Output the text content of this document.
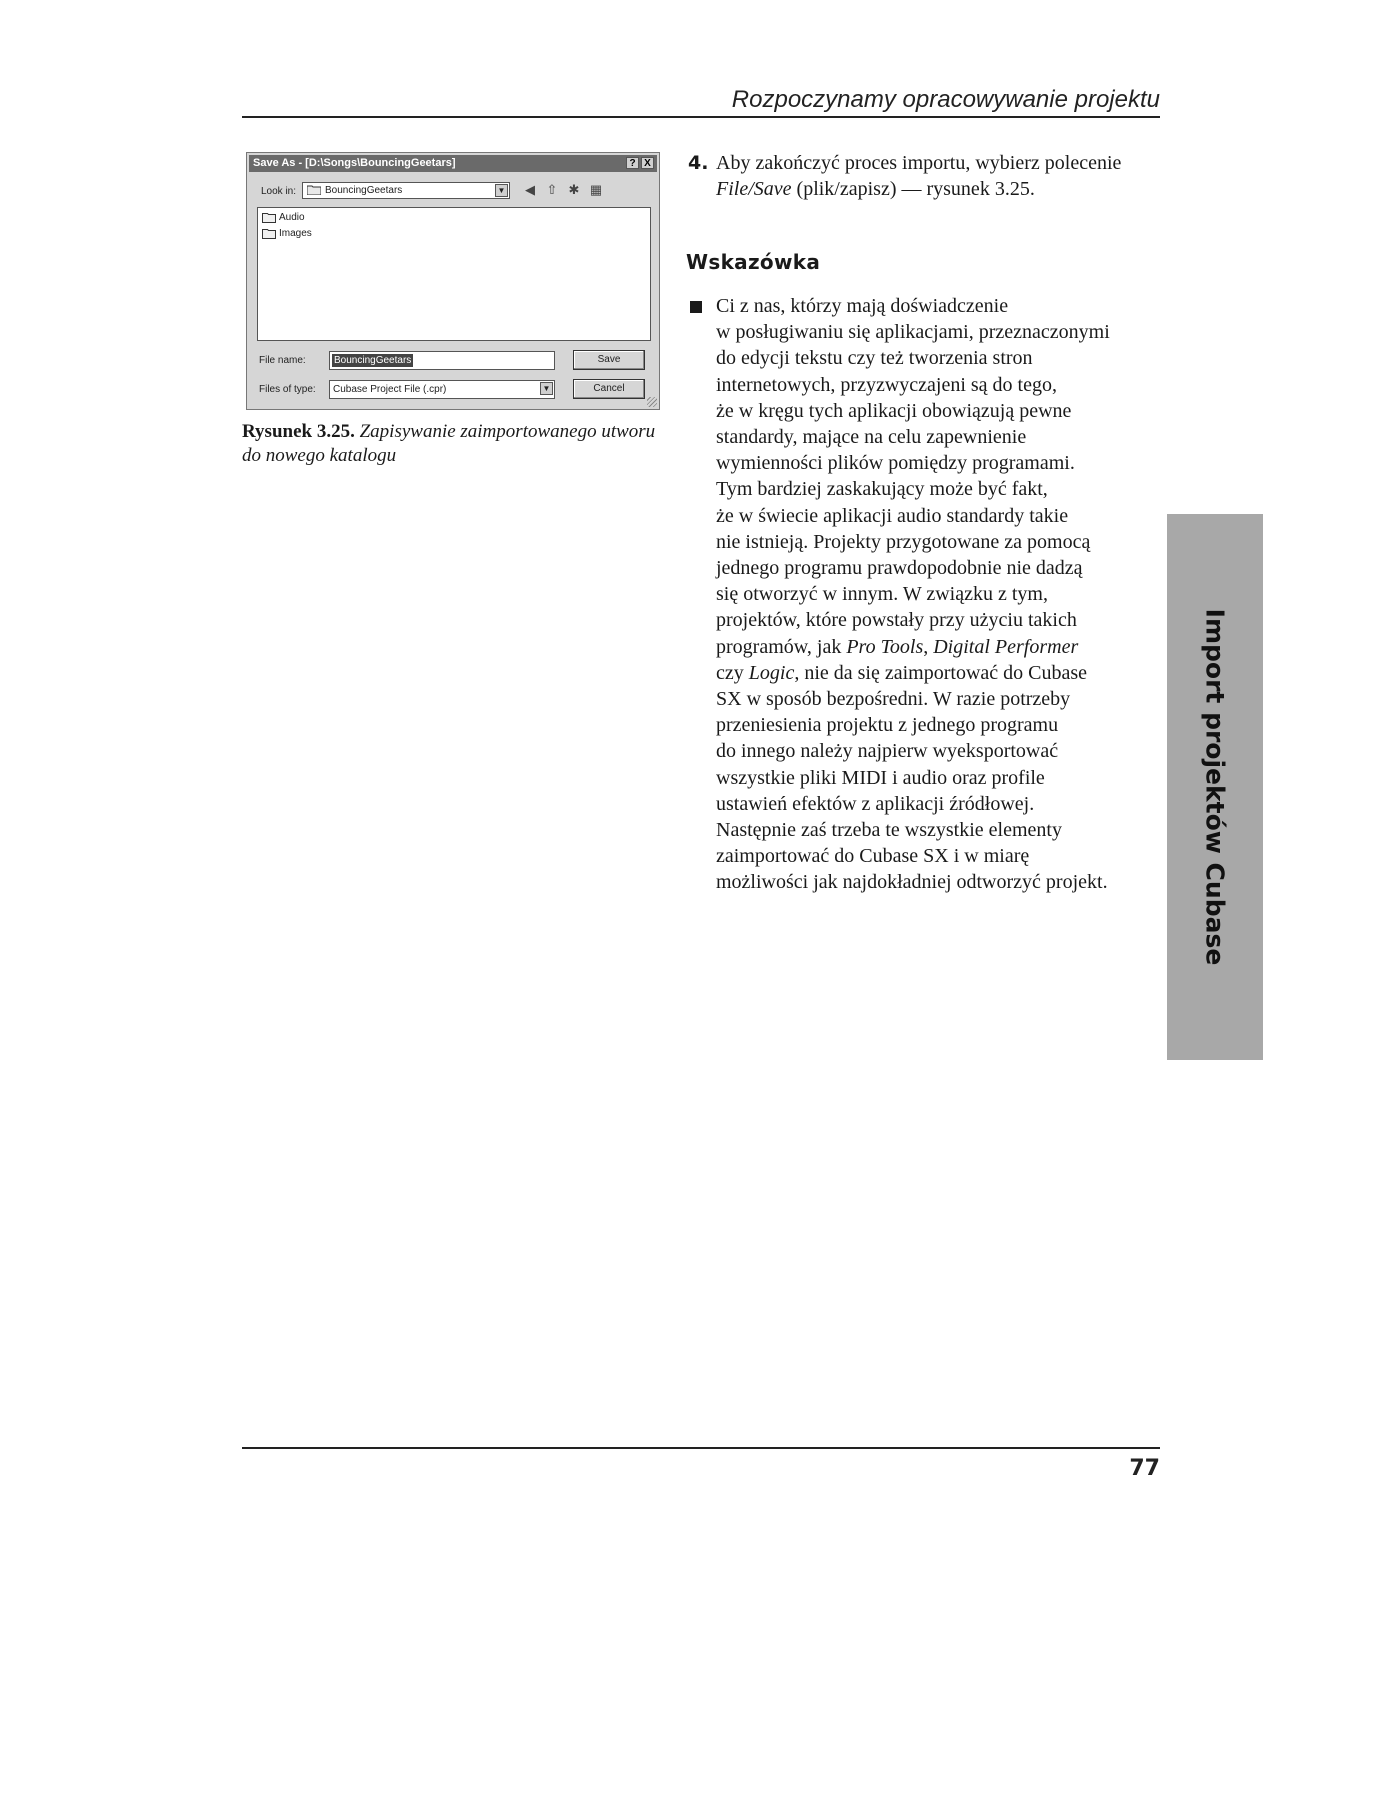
Rozpoczynamy opracowywanie projektu
Save As - [D:\Songs\BouncingGeetars]	? X
Look in:	BouncingGeetars	▼ ◀ ⇧ ✱ ▦
Audio
Images
File name:	BouncingGeetars
Files of type:	Cubase Project File (.cpr)	▼
Save
Cancel
Rysunek 3.25. Zapisywanie zaimportowanego utworu do nowego katalogu
4. Aby zakończyć proces importu, wybierz polecenie File/Save (plik/zapisz) — rysunek 3.25.
Wskazówka
Ci z nas, którzy mają doświadczenie
w posługiwaniu się aplikacjami, przeznaczonymi
do edycji tekstu czy też tworzenia stron
internetowych, przyzwyczajeni są do tego,
że w kręgu tych aplikacji obowiązują pewne
standardy, mające na celu zapewnienie
wymienności plików pomiędzy programami.
Tym bardziej zaskakujący może być fakt,
że w świecie aplikacji audio standardy takie
nie istnieją. Projekty przygotowane za pomocą
jednego programu prawdopodobnie nie dadzą
się otworzyć w innym. W związku z tym,
projektów, które powstały przy użyciu takich
programów, jak Pro Tools, Digital Performer
czy Logic, nie da się zaimportować do Cubase
SX w sposób bezpośredni. W razie potrzeby
przeniesienia projektu z jednego programu
do innego należy najpierw wyeksportować
wszystkie pliki MIDI i audio oraz profile
ustawień efektów z aplikacji źródłowej.
Następnie zaś trzeba te wszystkie elementy
zaimportować do Cubase SX i w miarę
możliwości jak najdokładniej odtworzyć projekt.	Import projektów Cubase
77
